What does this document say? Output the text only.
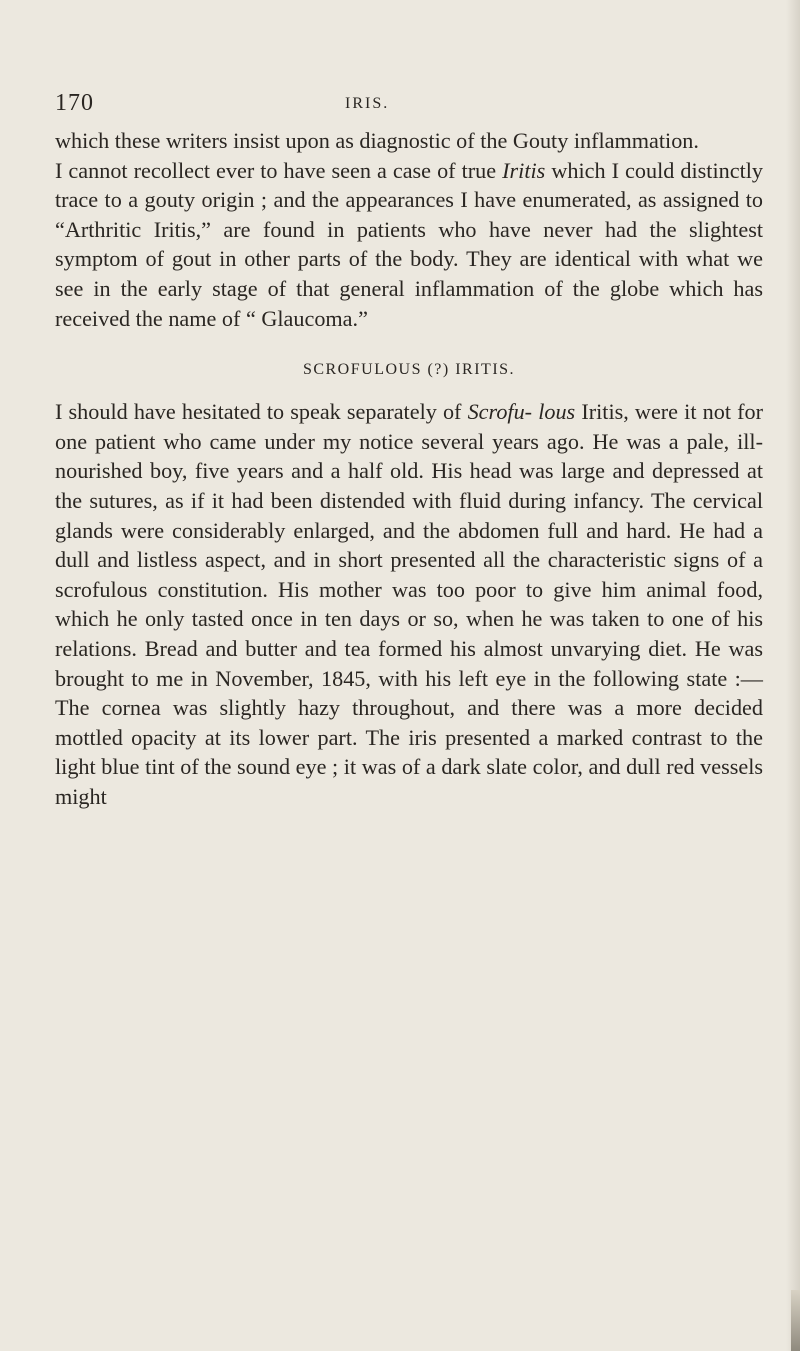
170	IRIS.

which these writers insist upon as diagnostic of the Gouty inflammation.

I cannot recollect ever to have seen a case of true Iritis which I could distinctly trace to a gouty origin ; and the appearances I have enumerated, as assigned to “Arthritic Iritis,” are found in patients who have never had the slightest symptom of gout in other parts of the body. They are identical with what we see in the early stage of that general inflammation of the globe which has received the name of “ Glaucoma.”

SCROFULOUS (?) IRITIS.

I should have hesitated to speak separately of Scrofu- lous Iritis, were it not for one patient who came under my notice several years ago. He was a pale, ill-nourished boy, five years and a half old. His head was large and depressed at the sutures, as if it had been distended with fluid during infancy. The cervical glands were considerably enlarged, and the abdomen full and hard. He had a dull and listless aspect, and in short presented all the characteristic signs of a scrofulous constitution. His mother was too poor to give him animal food, which he only tasted once in ten days or so, when he was taken to one of his relations. Bread and butter and tea formed his almost unvarying diet. He was brought to me in November, 1845, with his left eye in the following state :—The cornea was slightly hazy throughout, and there was a more decided mottled opacity at its lower part. The iris presented a marked contrast to the light blue tint of the sound eye ; it was of a dark slate color, and dull red vessels might
